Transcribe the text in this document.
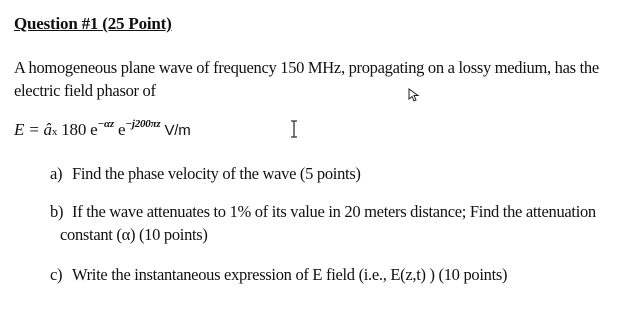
Question #1 (25 Point)
A homogeneous plane wave of frequency 150 MHz, propagating on a lossy medium, has the
electric field phasor of
E = âx 180 $e^{-\alpha z}$ $e^{-j200\pi z}$ V/m
a) Find the phase velocity of the wave (5 points)
b) If the wave attenuates to 1% of its value in 20 meters distance; Find the attenuation
constant (α) (10 points)
c) Write the instantaneous expression of E field (i.e., E(z,t) ) (10 points)
